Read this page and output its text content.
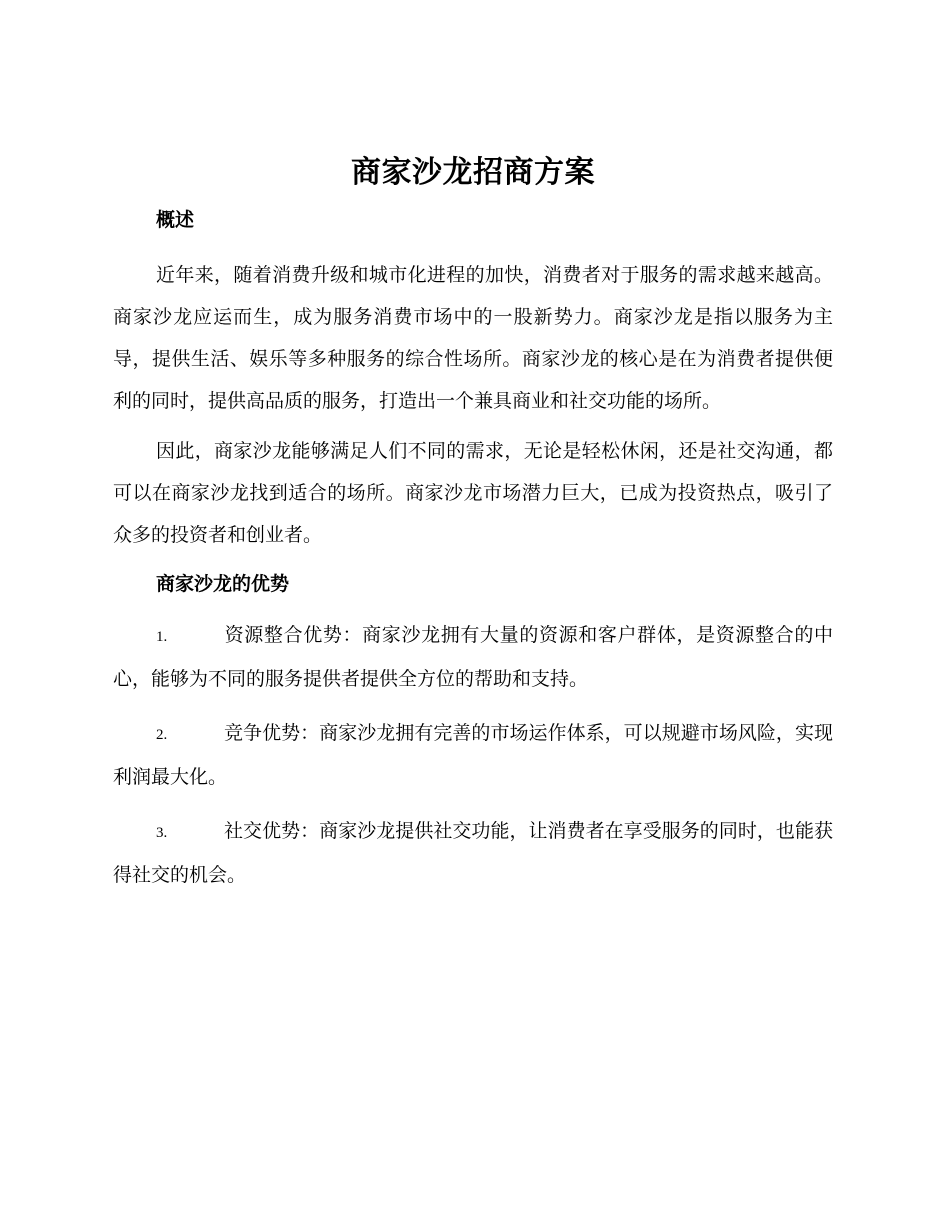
商家沙龙招商方案
概述

近年来，随着消费升级和城市化进程的加快，消费者对于服务的需求越来越高。商家沙龙应运而生，成为服务消费市场中的一股新势力。商家沙龙是指以服务为主导，提供生活、娱乐等多种服务的综合性场所。商家沙龙的核心是在为消费者提供便利的同时，提供高品质的服务，打造出一个兼具商业和社交功能的场所。

因此，商家沙龙能够满足人们不同的需求，无论是轻松休闲，还是社交沟通，都可以在商家沙龙找到适合的场所。商家沙龙市场潜力巨大，已成为投资热点，吸引了众多的投资者和创业者。

商家沙龙的优势

1.	资源整合优势：商家沙龙拥有大量的资源和客户群体，是资源整合的中心，能够为不同的服务提供者提供全方位的帮助和支持。

2.	竞争优势：商家沙龙拥有完善的市场运作体系，可以规避市场风险，实现利润最大化。

3.	社交优势：商家沙龙提供社交功能，让消费者在享受服务的同时，也能获得社交的机会。
